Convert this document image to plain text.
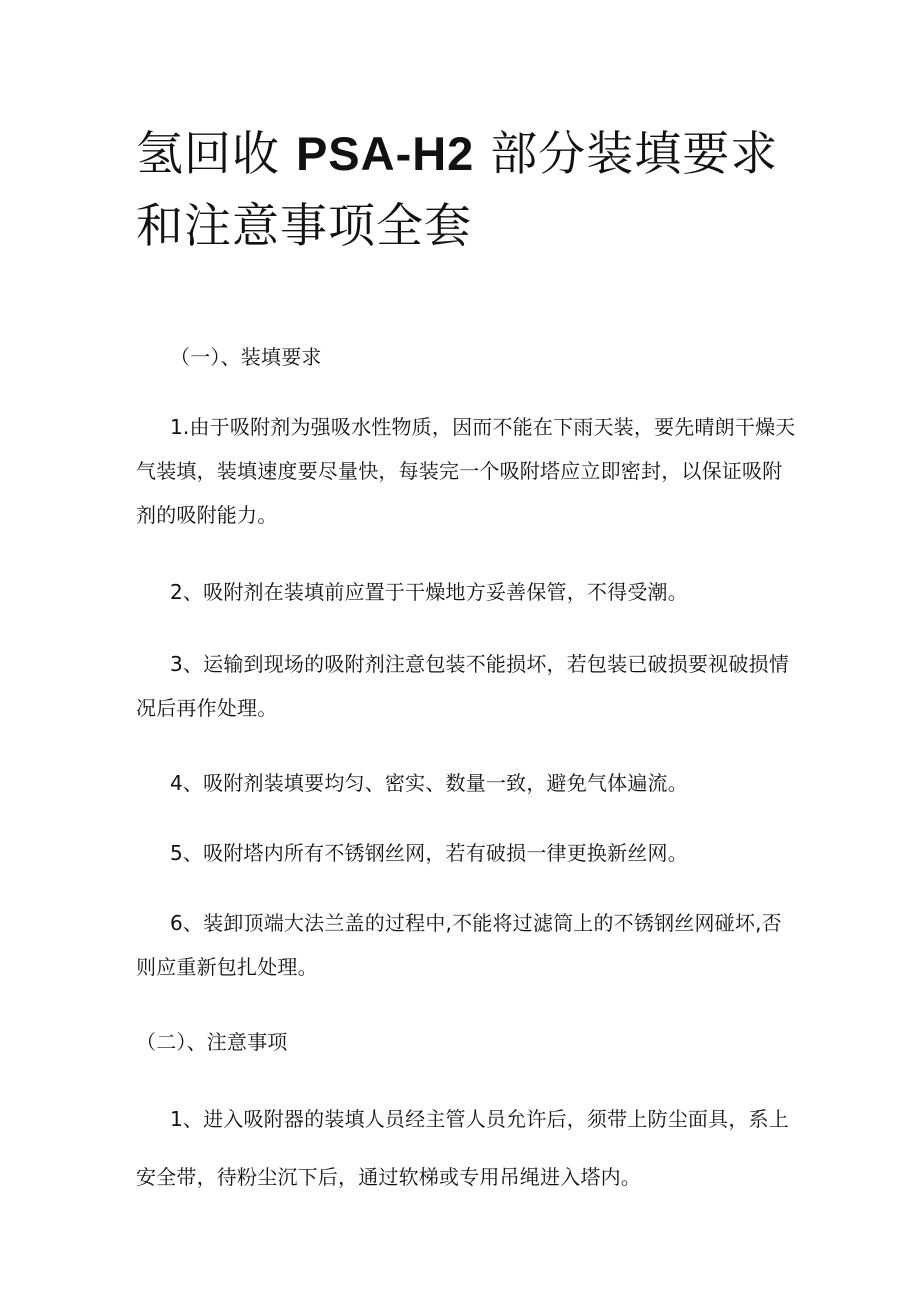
氢回收 PSA-H2 部分装填要求和注意事项全套

（一）、装填要求

1.由于吸附剂为强吸水性物质，因而不能在下雨天装，要先晴朗干燥天气装填，装填速度要尽量快，每装完一个吸附塔应立即密封，以保证吸附剂的吸附能力。

2、吸附剂在装填前应置于干燥地方妥善保管，不得受潮。

3、运输到现场的吸附剂注意包装不能损坏，若包装已破损要视破损情况后再作处理。

4、吸附剂装填要均匀、密实、数量一致，避免气体遍流。

5、吸附塔内所有不锈钢丝网，若有破损一律更换新丝网。

6、装卸顶端大法兰盖的过程中,不能将过滤筒上的不锈钢丝网碰坏,否则应重新包扎处理。

（二）、注意事项

1、进入吸附器的装填人员经主管人员允许后，须带上防尘面具，系上安全带，待粉尘沉下后，通过软梯或专用吊绳进入塔内。
